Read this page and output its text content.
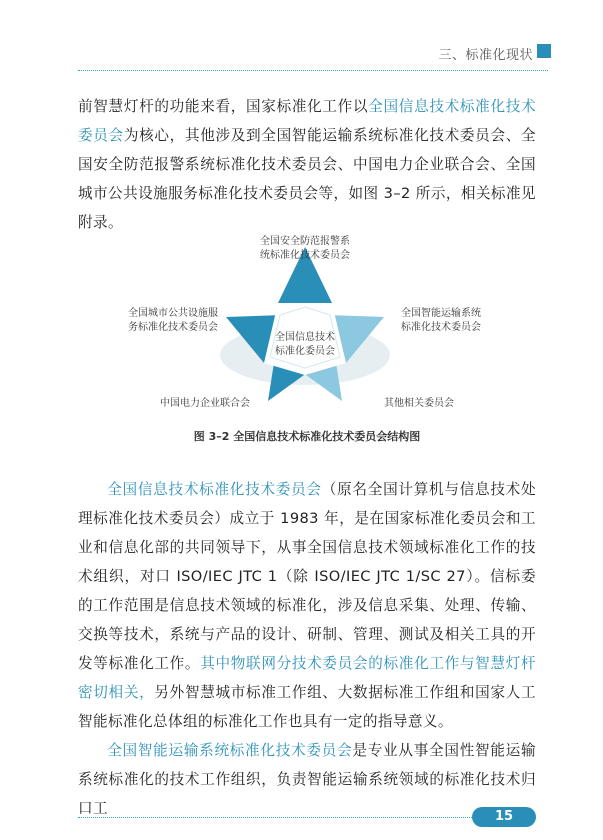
三、标准化现状
前智慧灯杆的功能来看，国家标准化工作以全国信息技术标准化技术委员会为核心，其他涉及到全国智能运输系统标准化技术委员会、全国安全防范报警系统标准化技术委员会、中国电力企业联合会、全国城市公共设施服务标准化技术委员会等，如图 3–2 所示，相关标准见附录。
全国安全防范报警系
统标准化技术委员会
全国城市公共设施服
务标准化技术委员会
全国智能运输系统
标准化技术委员会
全国信息技术
标准化委员会
中国电力企业联合会	其他相关委员会
图 3–2 全国信息技术标准化技术委员会结构图
全国信息技术标准化技术委员会（原名全国计算机与信息技术处理标准化技术委员会）成立于 1983 年，是在国家标准化委员会和工业和信息化部的共同领导下，从事全国信息技术领域标准化工作的技术组织，对口 ISO/IEC JTC 1（除 ISO/IEC JTC 1/SC 27）。信标委的工作范围是信息技术领域的标准化，涉及信息采集、处理、传输、交换等技术，系统与产品的设计、研制、管理、测试及相关工具的开发等标准化工作。其中物联网分技术委员会的标准化工作与智慧灯杆密切相关，另外智慧城市标准工作组、大数据标准工作组和国家人工智能标准化总体组的标准化工作也具有一定的指导意义。
全国智能运输系统标准化技术委员会是专业从事全国性智能运输系统标准化的技术工作组织，负责智能运输系统领域的标准化技术归口工	15
